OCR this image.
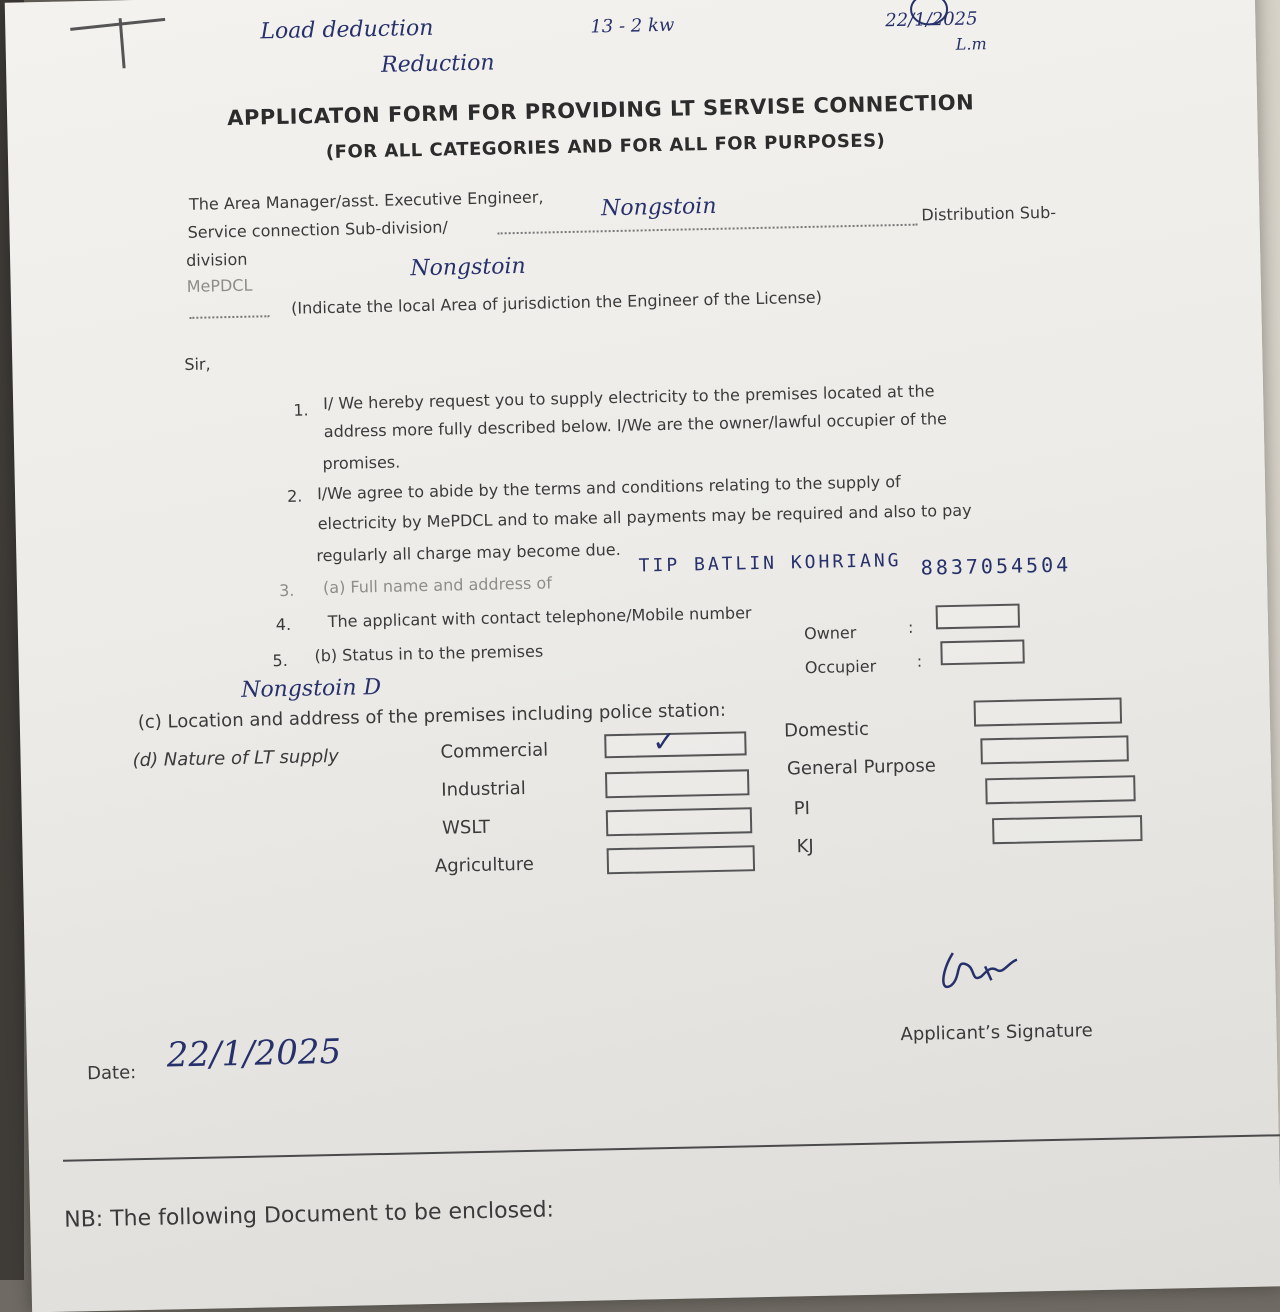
Load deduction	13 - 2 kw
Reduction
22/1/2025
L.m
APPLICATON FORM FOR PROVIDING LT SERVISE CONNECTION
(FOR ALL CATEGORIES AND FOR ALL FOR PURPOSES)
The Area Manager/asst. Executive Engineer,
Service connection Sub-division/
Nongstoin	Distribution Sub-
division
MePDCL
Nongstoin
(Indicate the local Area of jurisdiction the Engineer of the License)
Sir,
1. I/ We hereby request you to supply electricity to the premises located at the
address more fully described below. I/We are the owner/lawful occupier of the
promises.
2. I/We agree to abide by the terms and conditions relating to the supply of
electricity by MePDCL and to make all payments may be required and also to pay
regularly all charge may become due.
3. (a) Full name and address of
TIP BATLIN KOHRIANG
4. The applicant with contact telephone/Mobile number
8837054504
5. (b) Status in to the premises
Owner	:
Occupier	:
Nongstoin D
(c) Location and address of the premises including police station:
(d) Nature of LT supply	Commercial	✓
Industrial
WSLT
Agriculture
Domestic
General Purpose
PI
KJ
Applicant’s Signature
Date: 22/1/2025
NB: The following Document to be enclosed:
